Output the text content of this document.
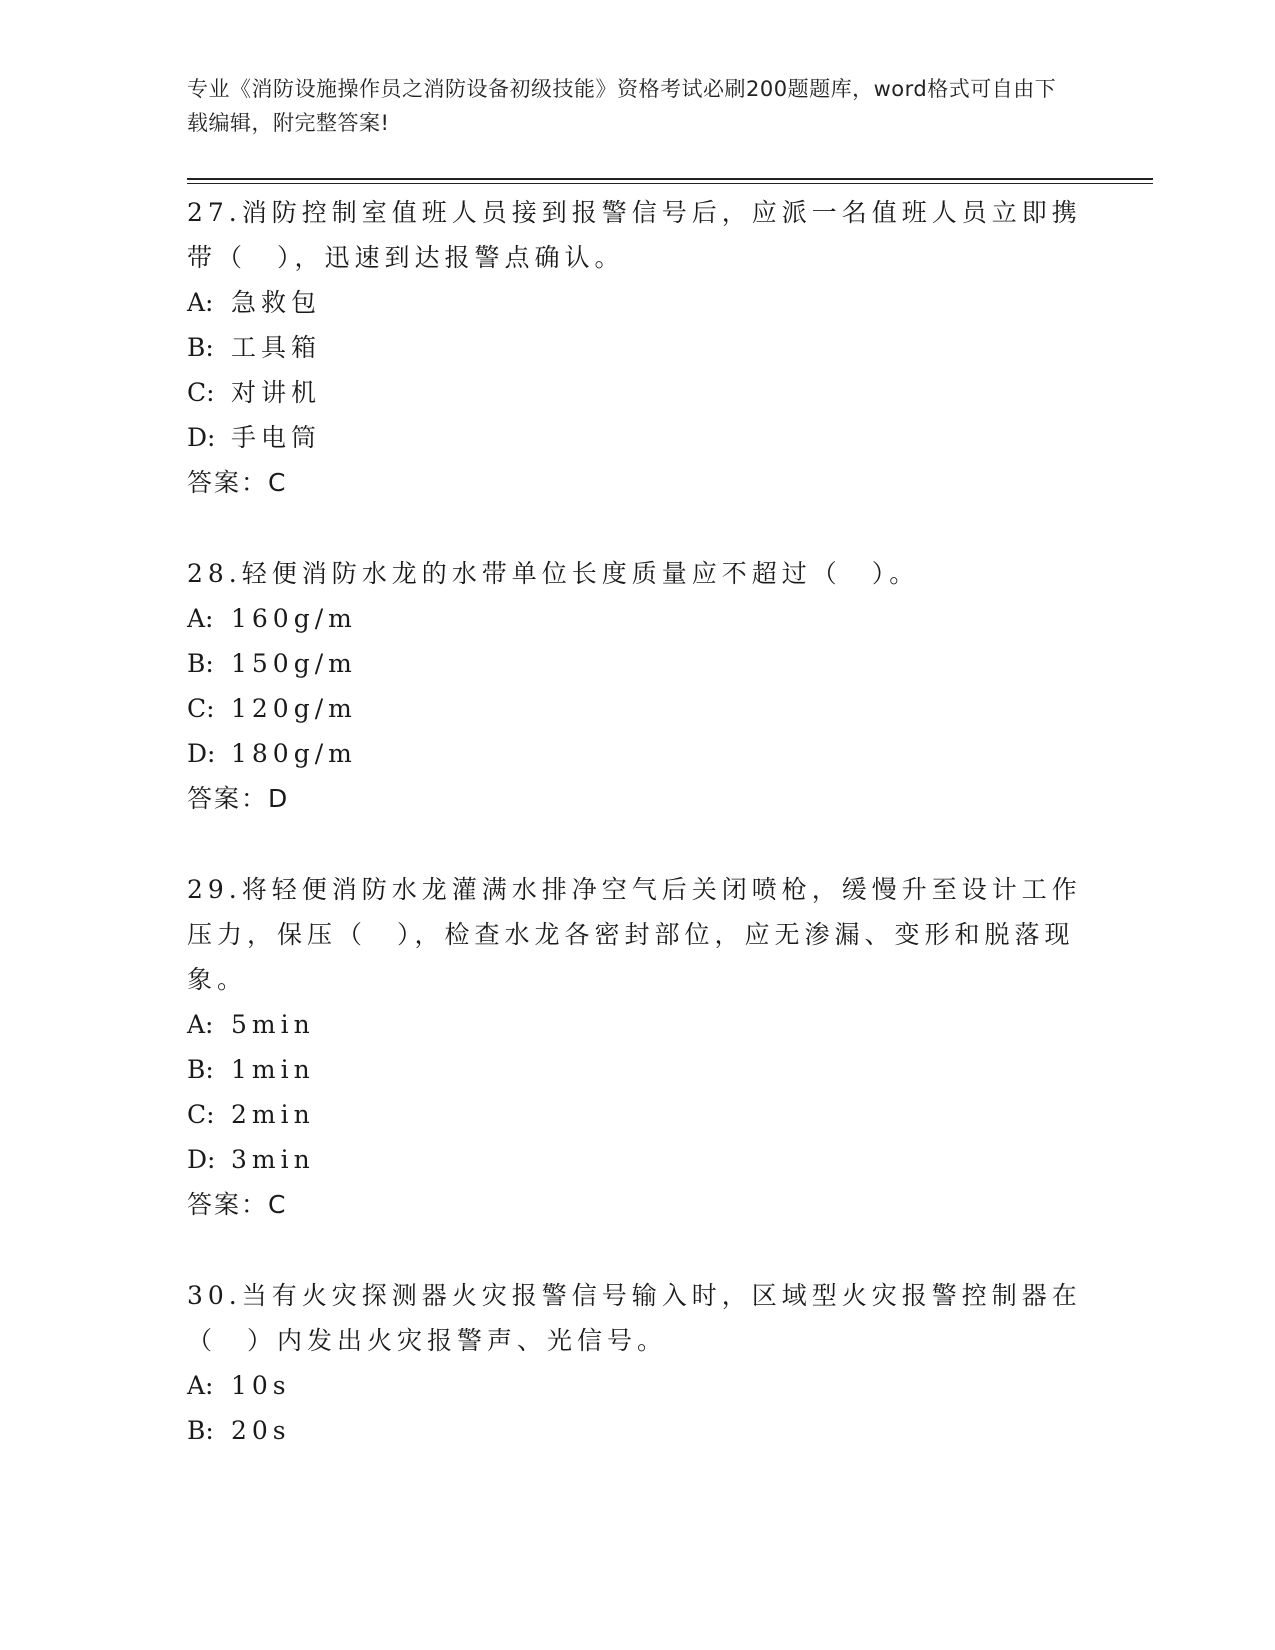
专业《消防设施操作员之消防设备初级技能》资格考试必刷200题题库，word格式可自由下载编辑，附完整答案!

27.消防控制室值班人员接到报警信号后，应派一名值班人员立即携带（　），迅速到达报警点确认。

A: 急救包

B: 工具箱

C: 对讲机

D: 手电筒

答案：C

28.轻便消防水龙的水带单位长度质量应不超过（　）。

A: 160g/m

B: 150g/m

C: 120g/m

D: 180g/m

答案：D

29.将轻便消防水龙灌满水排净空气后关闭喷枪，缓慢升至设计工作压力，保压（　），检查水龙各密封部位，应无渗漏、变形和脱落现象。

A: 5min

B: 1min

C: 2min

D: 3min

答案：C

30.当有火灾探测器火灾报警信号输入时，区域型火灾报警控制器在（　）内发出火灾报警声、光信号。

A: 10s

B: 20s
